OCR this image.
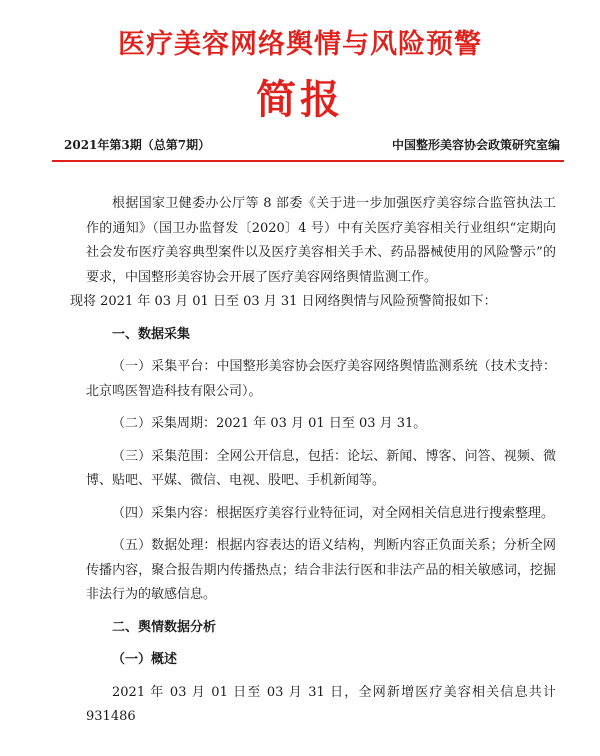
医疗美容网络舆情与风险预警
简报
2021年第3期（总第7期）	中国整形美容协会政策研究室编

根据国家卫健委办公厅等 8 部委《关于进一步加强医疗美容综合监管执法工作的通知》（国卫办监督发〔2020〕4 号）中有关医疗美容相关行业组织“定期向社会发布医疗美容典型案件以及医疗美容相关手术、药品器械使用的风险警示”的要求，中国整形美容协会开展了医疗美容网络舆情监测工作。

现将 2021 年 03 月 01 日至 03 月 31 日网络舆情与风险预警简报如下：

一、数据采集

（一）采集平台：中国整形美容协会医疗美容网络舆情监测系统（技术支持：北京鸣医智造科技有限公司）。

（二）采集周期：2021 年 03 月 01 日至 03 月 31。

（三）采集范围：全网公开信息，包括：论坛、新闻、博客、问答、视频、微博、贴吧、平媒、微信、电视、股吧、手机新闻等。

（四）采集内容：根据医疗美容行业特征词，对全网相关信息进行搜索整理。

（五）数据处理：根据内容表达的语义结构，判断内容正负面关系；分析全网传播内容，聚合报告期内传播热点；结合非法行医和非法产品的相关敏感词，挖掘非法行为的敏感信息。

二、舆情数据分析

（一）概述

2021 年 03 月 01 日至 03 月 31 日，全网新增医疗美容相关信息共计 931486
